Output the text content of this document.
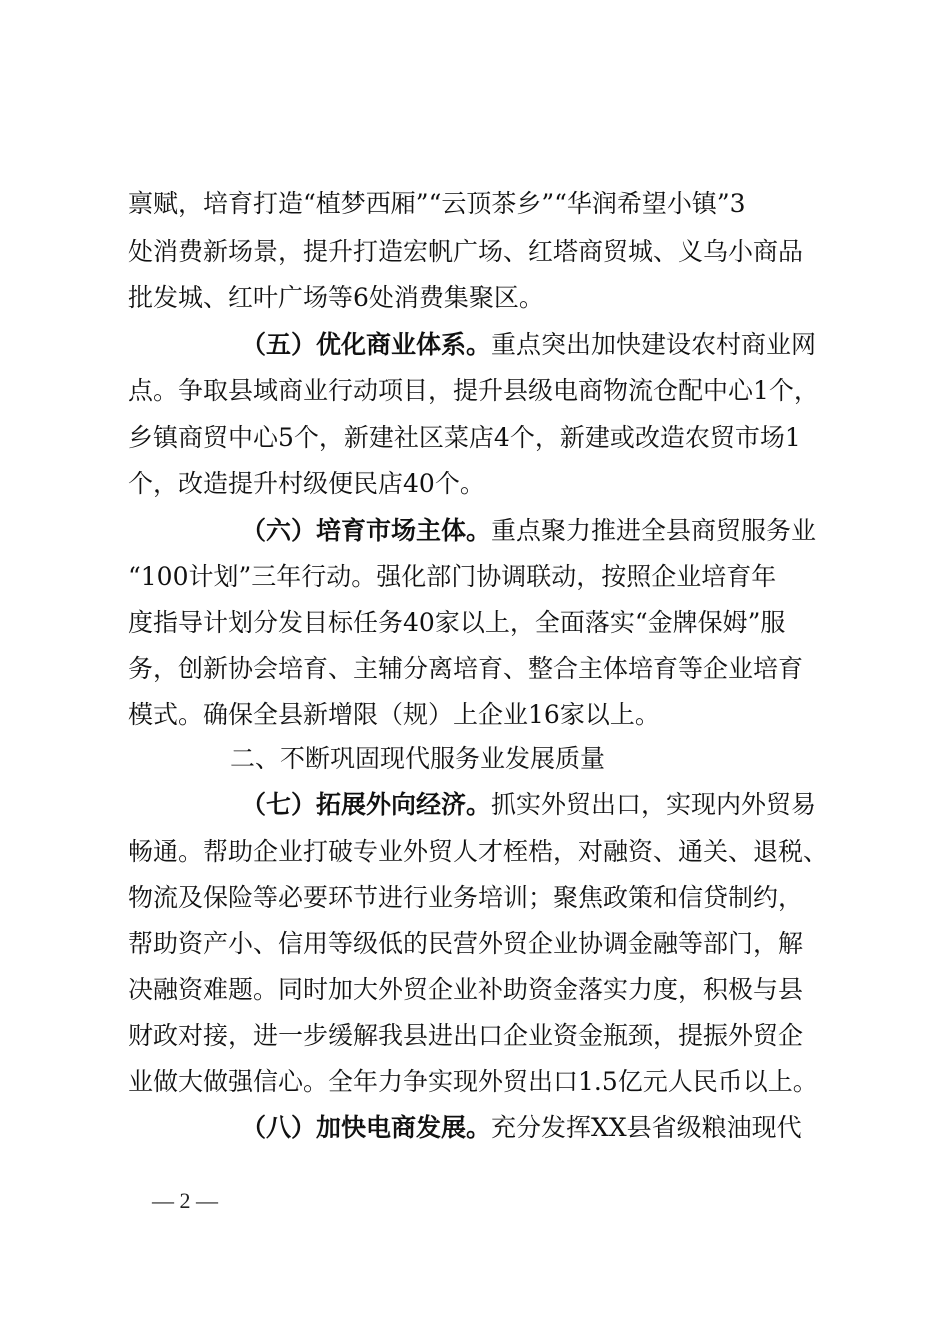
禀赋，培育打造“植梦西厢”“云顶茶乡”“华润希望小镇”3
处消费新场景，提升打造宏帆广场、红塔商贸城、义乌小商品
批发城、红叶广场等6处消费集聚区。
（五）优化商业体系。重点突出加快建设农村商业网
点。争取县域商业行动项目，提升县级电商物流仓配中心1个，
乡镇商贸中心5个，新建社区菜店4个，新建或改造农贸市场1
个，改造提升村级便民店40个。
（六）培育市场主体。重点聚力推进全县商贸服务业
“100计划”三年行动。强化部门协调联动，按照企业培育年
度指导计划分发目标任务40家以上，全面落实“金牌保姆”服
务，创新协会培育、主辅分离培育、整合主体培育等企业培育
模式。确保全县新增限（规）上企业16家以上。
二、不断巩固现代服务业发展质量
（七）拓展外向经济。抓实外贸出口，实现内外贸易
畅通。帮助企业打破专业外贸人才桎梏，对融资、通关、退税、
物流及保险等必要环节进行业务培训；聚焦政策和信贷制约，
帮助资产小、信用等级低的民营外贸企业协调金融等部门，解
决融资难题。同时加大外贸企业补助资金落实力度，积极与县
财政对接，进一步缓解我县进出口企业资金瓶颈，提振外贸企
业做大做强信心。全年力争实现外贸出口1.5亿元人民币以上。
（八）加快电商发展。充分发挥XX县省级粮油现代
— 2 —
